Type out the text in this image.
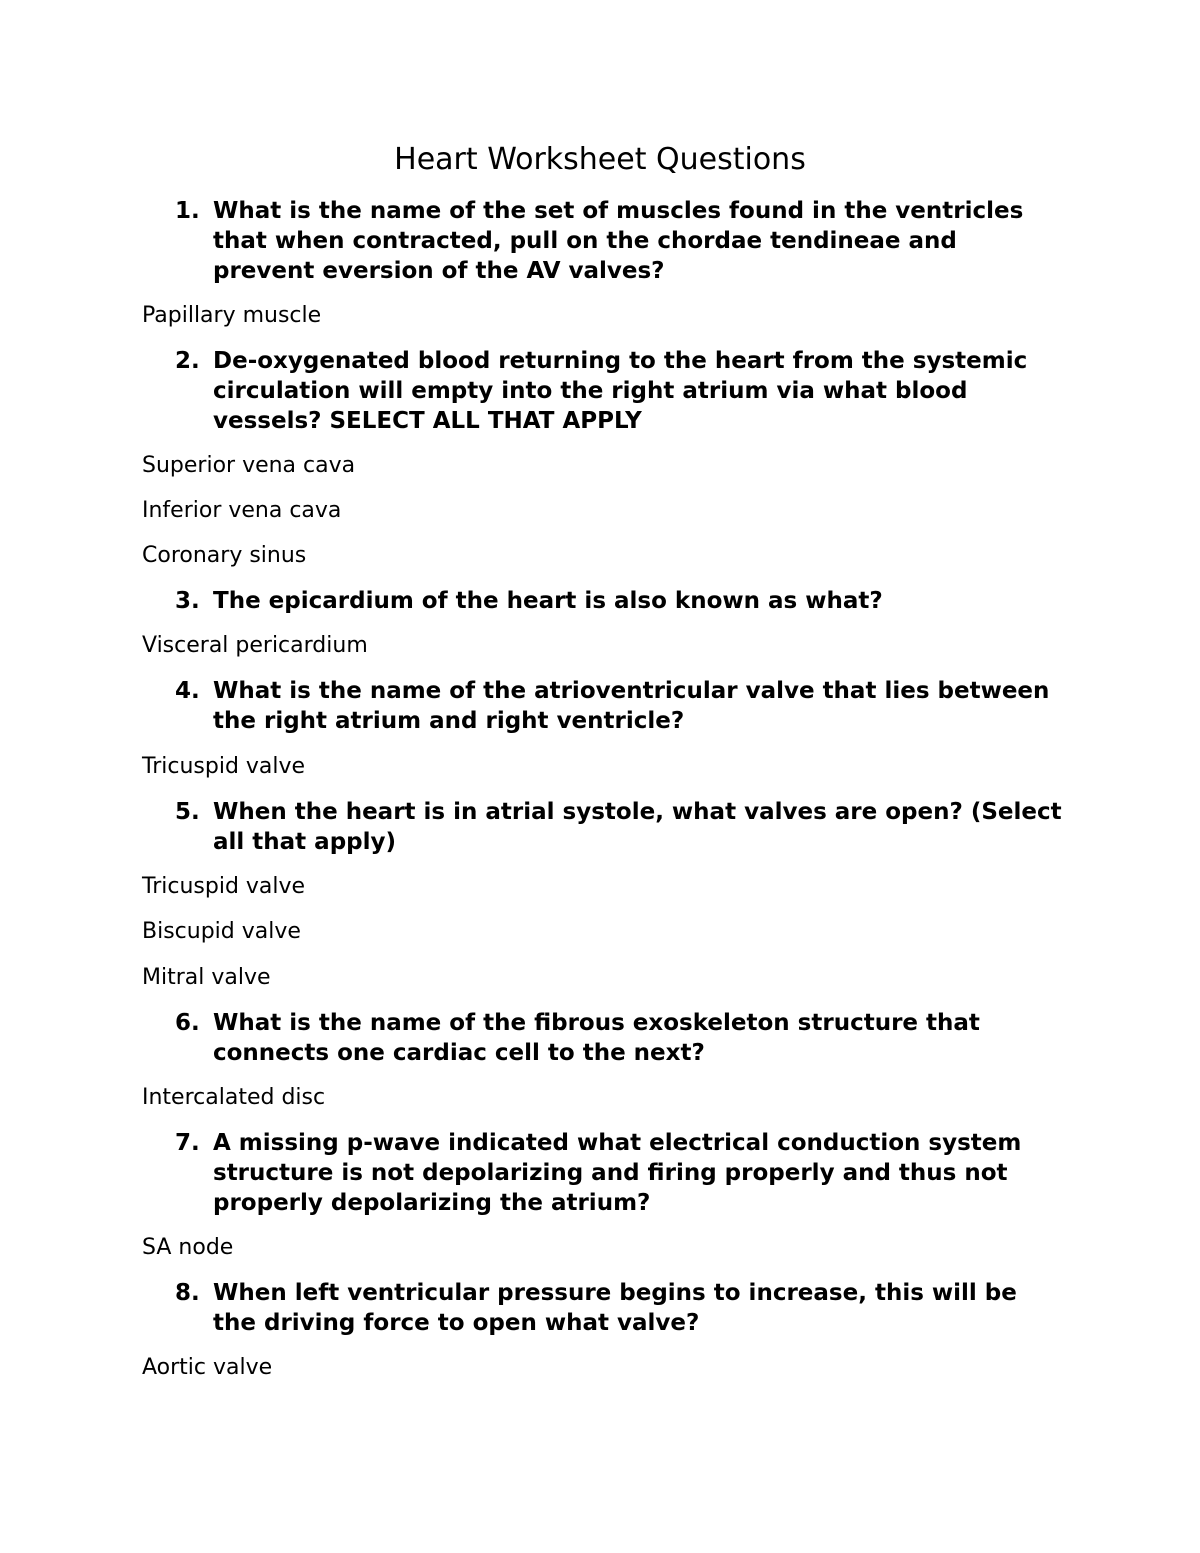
Heart Worksheet Questions
1. What is the name of the set of muscles found in the ventricles that when contracted, pull on the chordae tendineae and prevent eversion of the AV valves?
Papillary muscle
2. De-oxygenated blood returning to the heart from the systemic circulation will empty into the right atrium via what blood vessels? SELECT ALL THAT APPLY
Superior vena cava
Inferior vena cava
Coronary sinus
3. The epicardium of the heart is also known as what?
Visceral pericardium
4. What is the name of the atrioventricular valve that lies between the right atrium and right ventricle?
Tricuspid valve
5. When the heart is in atrial systole, what valves are open? (Select all that apply)
Tricuspid valve
Biscupid valve
Mitral valve
6. What is the name of the fibrous exoskeleton structure that connects one cardiac cell to the next?
Intercalated disc
7. A missing p-wave indicated what electrical conduction system structure is not depolarizing and firing properly and thus not properly depolarizing the atrium?
SA node
8. When left ventricular pressure begins to increase, this will be the driving force to open what valve?
Aortic valve
